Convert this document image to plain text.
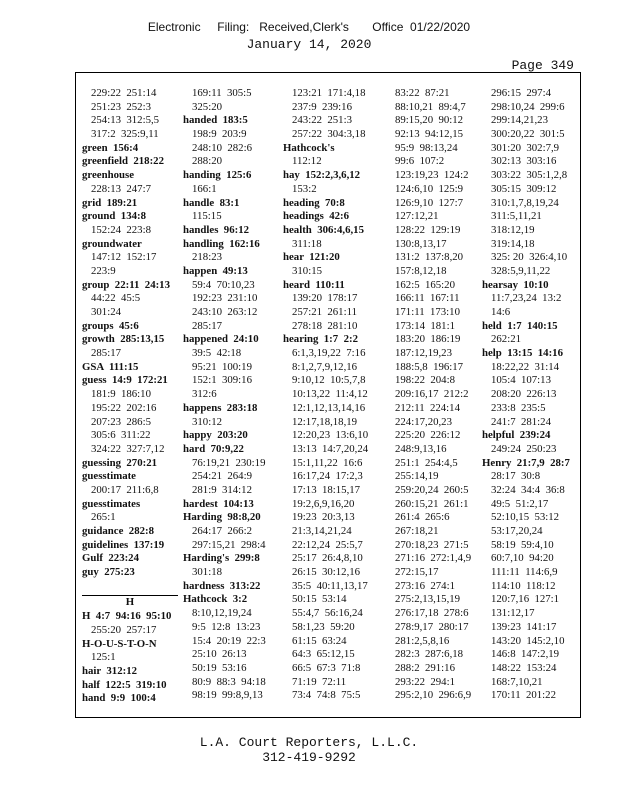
Electronic     Filing:   Received,Clerk's       Office  01/22/2020
January 14, 2020
Page 349
229:22  251:14
251:23  252:3
254:13  312:5,5
317:2  325:9,11
green  156:4
greenfield  218:22
greenhouse
228:13  247:7
grid  189:21
ground  134:8
152:24  223:8
groundwater
147:12  152:17
223:9
group  22:11  24:13
44:22  45:5
301:24
groups  45:6
growth  285:13,15
285:17
GSA  111:15
guess  14:9  172:21
181:9  186:10
195:22  202:16
207:23  286:5
305:6  311:22
324:22  327:7,12
guessing  270:21
guesstimate
200:17  211:6,8
guesstimates
265:1
guidance  282:8
guidelines  137:19
Gulf  223:24
guy  275:23
H
H  4:7  94:16  95:10
255:20  257:17
H-O-U-S-T-O-N
125:1
hair  312:12
half  122:5  319:10
hand  9:9  100:4
169:11  305:5
325:20
handed  183:5
198:9  203:9
248:10  282:6
288:20
handing  125:6
166:1
handle  83:1
115:15
handles  96:12
handling  162:16
218:23
happen  49:13
59:4  70:10,23
192:23  231:10
243:10  263:12
285:17
happened  24:10
39:5  42:18
95:21  100:19
152:1  309:16
312:6
happens  283:18
310:12
happy  203:20
hard  70:9,22
76:19,21  230:19
254:21  264:9
281:9  314:12
hardest  104:13
Harding  98:8,20
264:17  266:2
297:15,21  298:4
Harding's  299:8
301:18
hardness  313:22
Hathcock  3:2
8:10,12,19,24
9:5  12:8  13:23
15:4  20:19  22:3
25:10  26:13
50:19  53:16
80:9  88:3  94:18
98:19  99:8,9,13
123:21  171:4,18
237:9  239:16
243:22  251:3
257:22  304:3,18
Hathcock's
112:12
hay  152:2,3,6,12
153:2
heading  70:8
headings  42:6
health  306:4,6,15
311:18
hear  121:20
310:15
heard  110:11
139:20  178:17
257:21  261:11
278:18  281:10
hearing  1:7  2:2
6:1,3,19,22  7:16
8:1,2,7,9,12,16
9:10,12  10:5,7,8
10:13,22  11:4,12
12:1,12,13,14,16
12:17,18,18,19
12:20,23  13:6,10
13:13  14:7,20,24
15:1,11,22  16:6
16:17,24  17:2,3
17:13  18:15,17
19:2,6,9,16,20
19:23  20:3,13
21:3,14,21,24
22:12,24  25:5,7
25:17  26:4,8,10
26:15  30:12,16
35:5  40:11,13,17
50:15  53:14
55:4,7  56:16,24
58:1,23  59:20
61:15  63:24
64:3  65:12,15
66:5  67:3  71:8
71:19  72:11
73:4  74:8  75:5
83:22  87:21
88:10,21  89:4,7
89:15,20  90:12
92:13  94:12,15
95:9  98:13,24
99:6  107:2
123:19,23  124:2
124:6,10  125:9
126:9,10  127:7
127:12,21
128:22  129:19
130:8,13,17
131:2  137:8,20
157:8,12,18
162:5  165:20
166:11  167:11
171:11  173:10
173:14  181:1
183:20  186:19
187:12,19,23
188:5,8  196:17
198:22  204:8
209:16,17  212:2
212:11  224:14
224:17,20,23
225:20  226:12
248:9,13,16
251:1  254:4,5
255:14,19
259:20,24  260:5
260:15,21  261:1
261:4  265:6
267:18,21
270:18,23  271:5
271:16  272:1,4,9
272:15,17
273:16  274:1
275:2,13,15,19
276:17,18  278:6
278:9,17  280:17
281:2,5,8,16
282:3  287:6,18
288:2  291:16
293:22  294:1
295:2,10  296:6,9
296:15  297:4
298:10,24  299:6
299:14,21,23
300:20,22  301:5
301:20  302:7,9
302:13  303:16
303:22  305:1,2,8
305:15  309:12
310:1,7,8,19,24
311:5,11,21
318:12,19
319:14,18
325: 20  326:4,10
328:5,9,11,22
hearsay  10:10
11:7,23,24  13:2
14:6
held  1:7  140:15
262:21
help  13:15  14:16
18:22,22  31:14
105:4  107:13
208:20  226:13
233:8  235:5
241:7  281:24
helpful  239:24
249:24  250:23
Henry  21:7,9  28:7
28:17  30:8
32:24  34:4  36:8
49:5  51:2,17
52:10,15  53:12
53:17,20,24
58:19  59:4,10
60:7,10  94:20
111:11  114:6,9
114:10  118:12
120:7,16  127:1
131:12,17
139:23  141:17
143:20  145:2,10
146:8  147:2,19
148:22  153:24
168:7,10,21
170:11  201:22
L.A. Court Reporters, L.L.C.
312-419-9292
